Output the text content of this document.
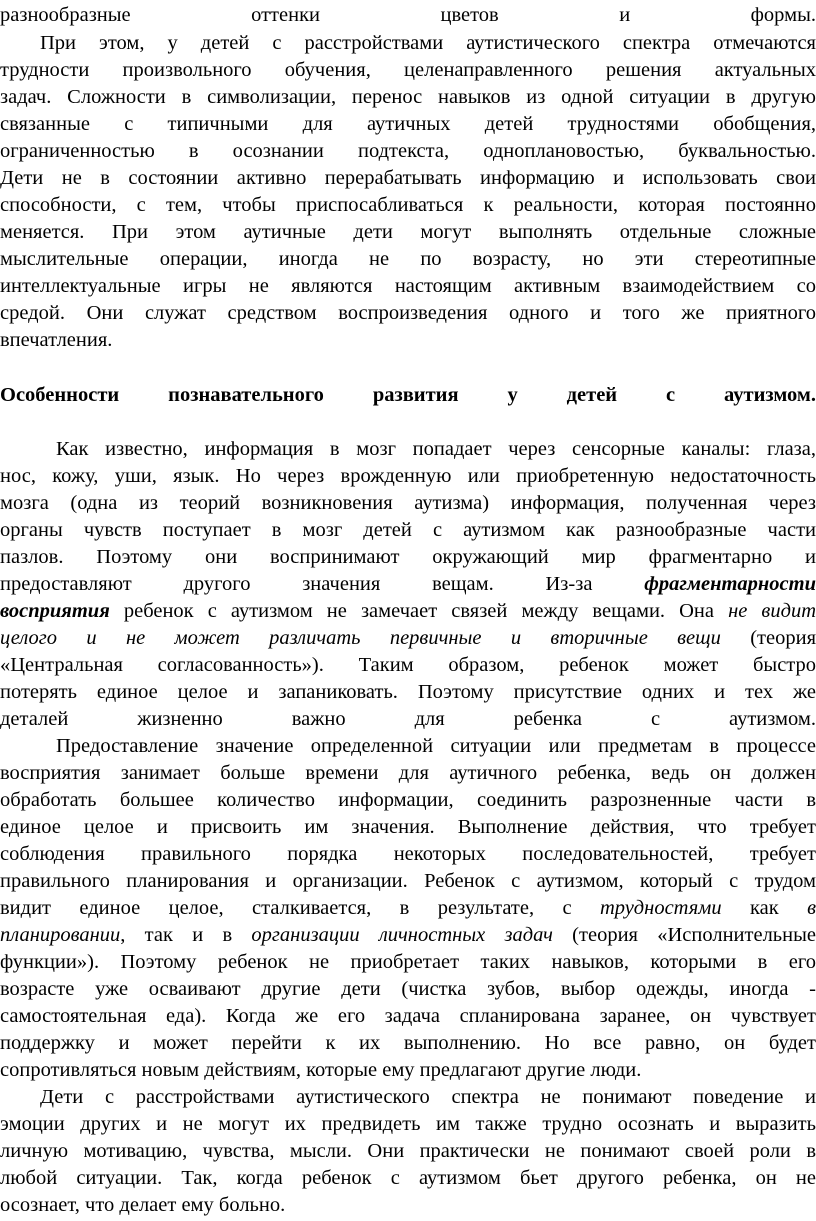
разнообразные оттенки цветов и формы.
При этом, у детей с расстройствами аутистического спектра отмечаются
трудности произвольного обучения, целенаправленного решения актуальных
задач. Сложности в символизации, перенос навыков из одной ситуации в другую
связанные с типичными для аутичных детей трудностями обобщения,
ограниченностью в осознании подтекста, одноплановостью, буквальностью.
Дети не в состоянии активно перерабатывать информацию и использовать свои
способности, с тем, чтобы приспосабливаться к реальности, которая постоянно
меняется. При этом аутичные дети могут выполнять отдельные сложные
мыслительные операции, иногда не по возрасту, но эти стереотипные
интеллектуальные игры не являются настоящим активным взаимодействием со
средой. Они служат средством воспроизведения одного и того же приятного
впечатления.
Особенности познавательного развития у детей с аутизмом.
Как известно, информация в мозг попадает через сенсорные каналы: глаза,
нос, кожу, уши, язык. Но через врожденную или приобретенную недостаточность
мозга (одна из теорий возникновения аутизма) информация, полученная через
органы чувств поступает в мозг детей с аутизмом как разнообразные части
пазлов. Поэтому они воспринимают окружающий мир фрагментарно и
предоставляют другого значения вещам. Из-за	фрагментарности
восприятия ребенок с аутизмом не замечает связей между вещами. Она не видит
целого и не может различать первичные и вторичные вещи (теория
«Центральная согласованность»). Таким образом, ребенок может быстро
потерять единое целое и запаниковать. Поэтому присутствие одних и тех же
деталей жизненно важно для ребенка с аутизмом.
Предоставление значение определенной ситуации или предметам в процессе
восприятия занимает больше времени для аутичного ребенка, ведь он должен
обработать большее количество информации, соединить разрозненные части в
единое целое и присвоить им значения. Выполнение действия, что требует
соблюдения правильного порядка некоторых последовательностей, требует
правильного планирования и организации. Ребенок с аутизмом, который с трудом
видит единое целое, сталкивается, в результате, с трудностями как в
планировании, так и в организации личностных задач (теория «Исполнительные
функции»). Поэтому ребенок не приобретает таких навыков, которыми в его
возрасте уже осваивают другие дети (чистка зубов, выбор одежды, иногда -
самостоятельная еда). Когда же его задача спланирована заранее, он чувствует
поддержку и может перейти к их выполнению. Но все равно, он будет
сопротивляться новым действиям, которые ему предлагают другие люди.
Дети с расстройствами аутистического спектра не понимают поведение и
эмоции других и не могут их предвидеть им также трудно осознать и выразить
личную мотивацию, чувства, мысли. Они практически не понимают своей роли в
любой ситуации. Так, когда ребенок с аутизмом бьет другого ребенка, он не
осознает, что делает ему больно.
